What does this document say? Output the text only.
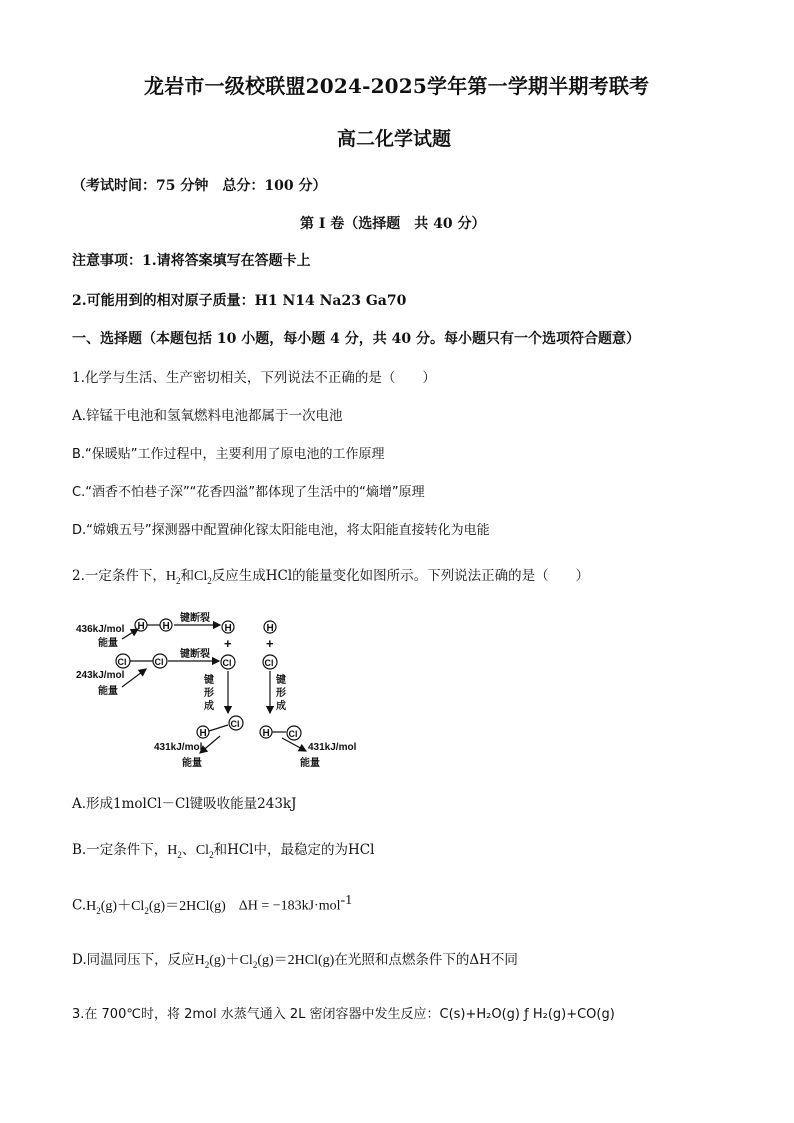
龙岩市一级校联盟2024-2025学年第一学期半期考联考
高二化学试题
（考试时间：75 分钟　总分：100 分）
第 I 卷（选择题　共 40 分）
注意事项：1.请将答案填写在答题卡上
2.可能用到的相对原子质量：H1 N14 Na23 Ga70
一、选择题（本题包括 10 小题，每小题 4 分，共 40 分。每小题只有一个选项符合题意）
1.化学与生活、生产密切相关，下列说法不正确的是（　　）
A.锌锰干电池和氢氧燃料电池都属于一次电池
B.“保暖贴”工作过程中，主要利用了原电池的工作原理
C.“酒香不怕巷子深”“花香四溢”都体现了生活中的“熵增”原理
D.“嫦娥五号”探测器中配置砷化镓太阳能电池，将太阳能直接转化为电能
2.一定条件下，$H_2$和$Cl_2$反应生成HCl的能量变化如图所示。下列说法正确的是（　　）
436kJ/mol
能量
H H
键断裂
H
+
H
+
Cl	Cl
键断裂
Cl	Cl
243kJ/mol
能量
键
形
成
键
形
成
H
Cl
431kJ/mol
能量
H Cl
431kJ/mol
能量
A.形成1molCl－Cl键吸收能量243kJ
B.一定条件下，$H_2$、$Cl_2$和HCl中，最稳定的为HCl
$C.H_2(g)+Cl_2(g)=2HCl(g) \Delta H = -183kJ\cdot mol^{-1}$
D.同温同压下，反应$H_2(g)+Cl_2(g)=2HCl(g)$在光照和点燃条件下的ΔH不同
3.在 700℃时，将 2mol 水蒸气通入 2L 密闭容器中发生反应：C(s)+H₂O(g) ƒ H₂(g)+CO(g)
